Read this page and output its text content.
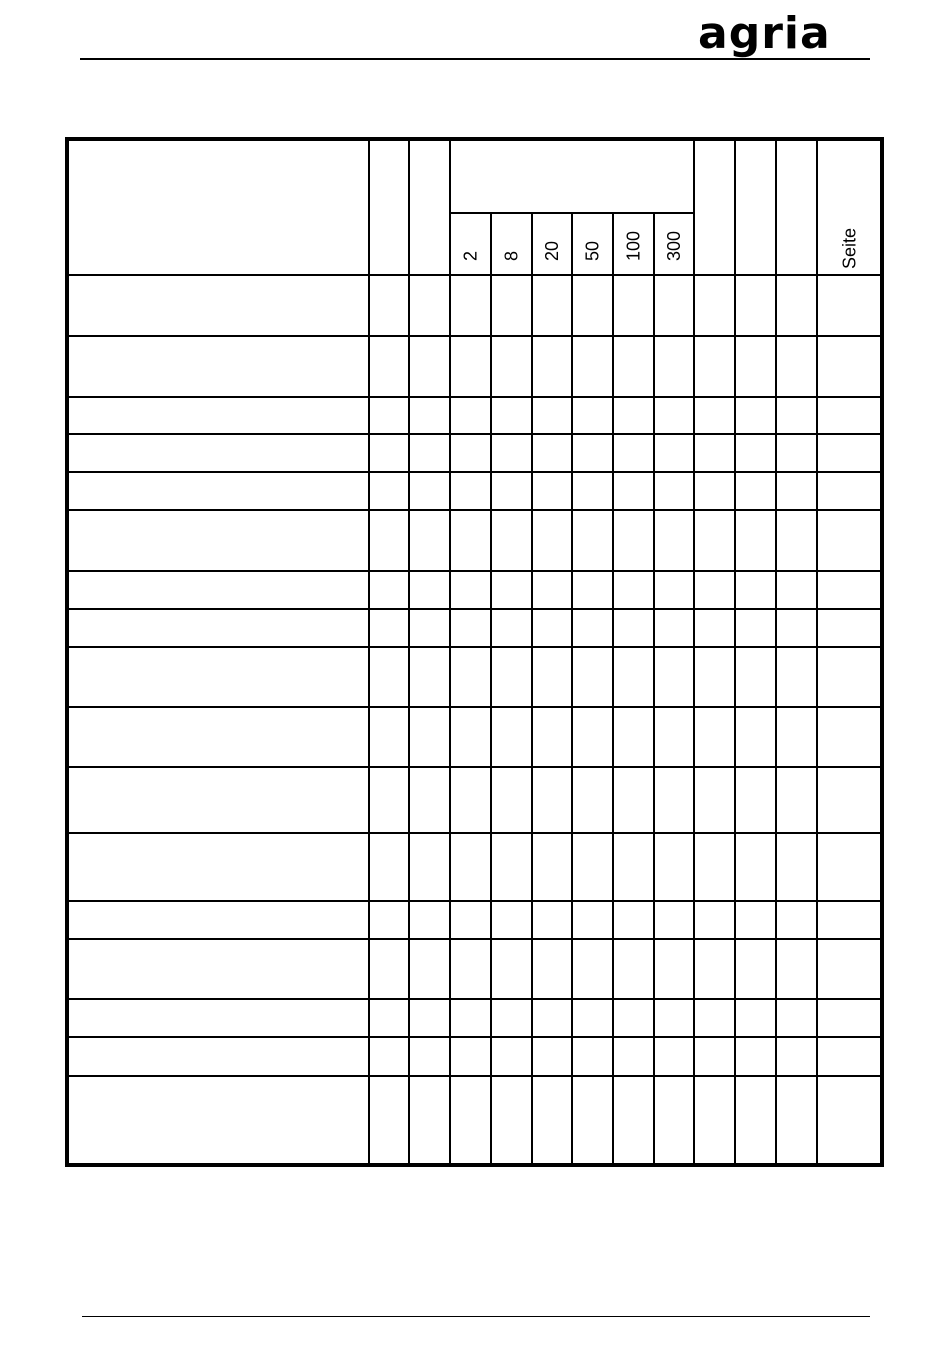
agria
2 8 20 50 100 300	Seite
